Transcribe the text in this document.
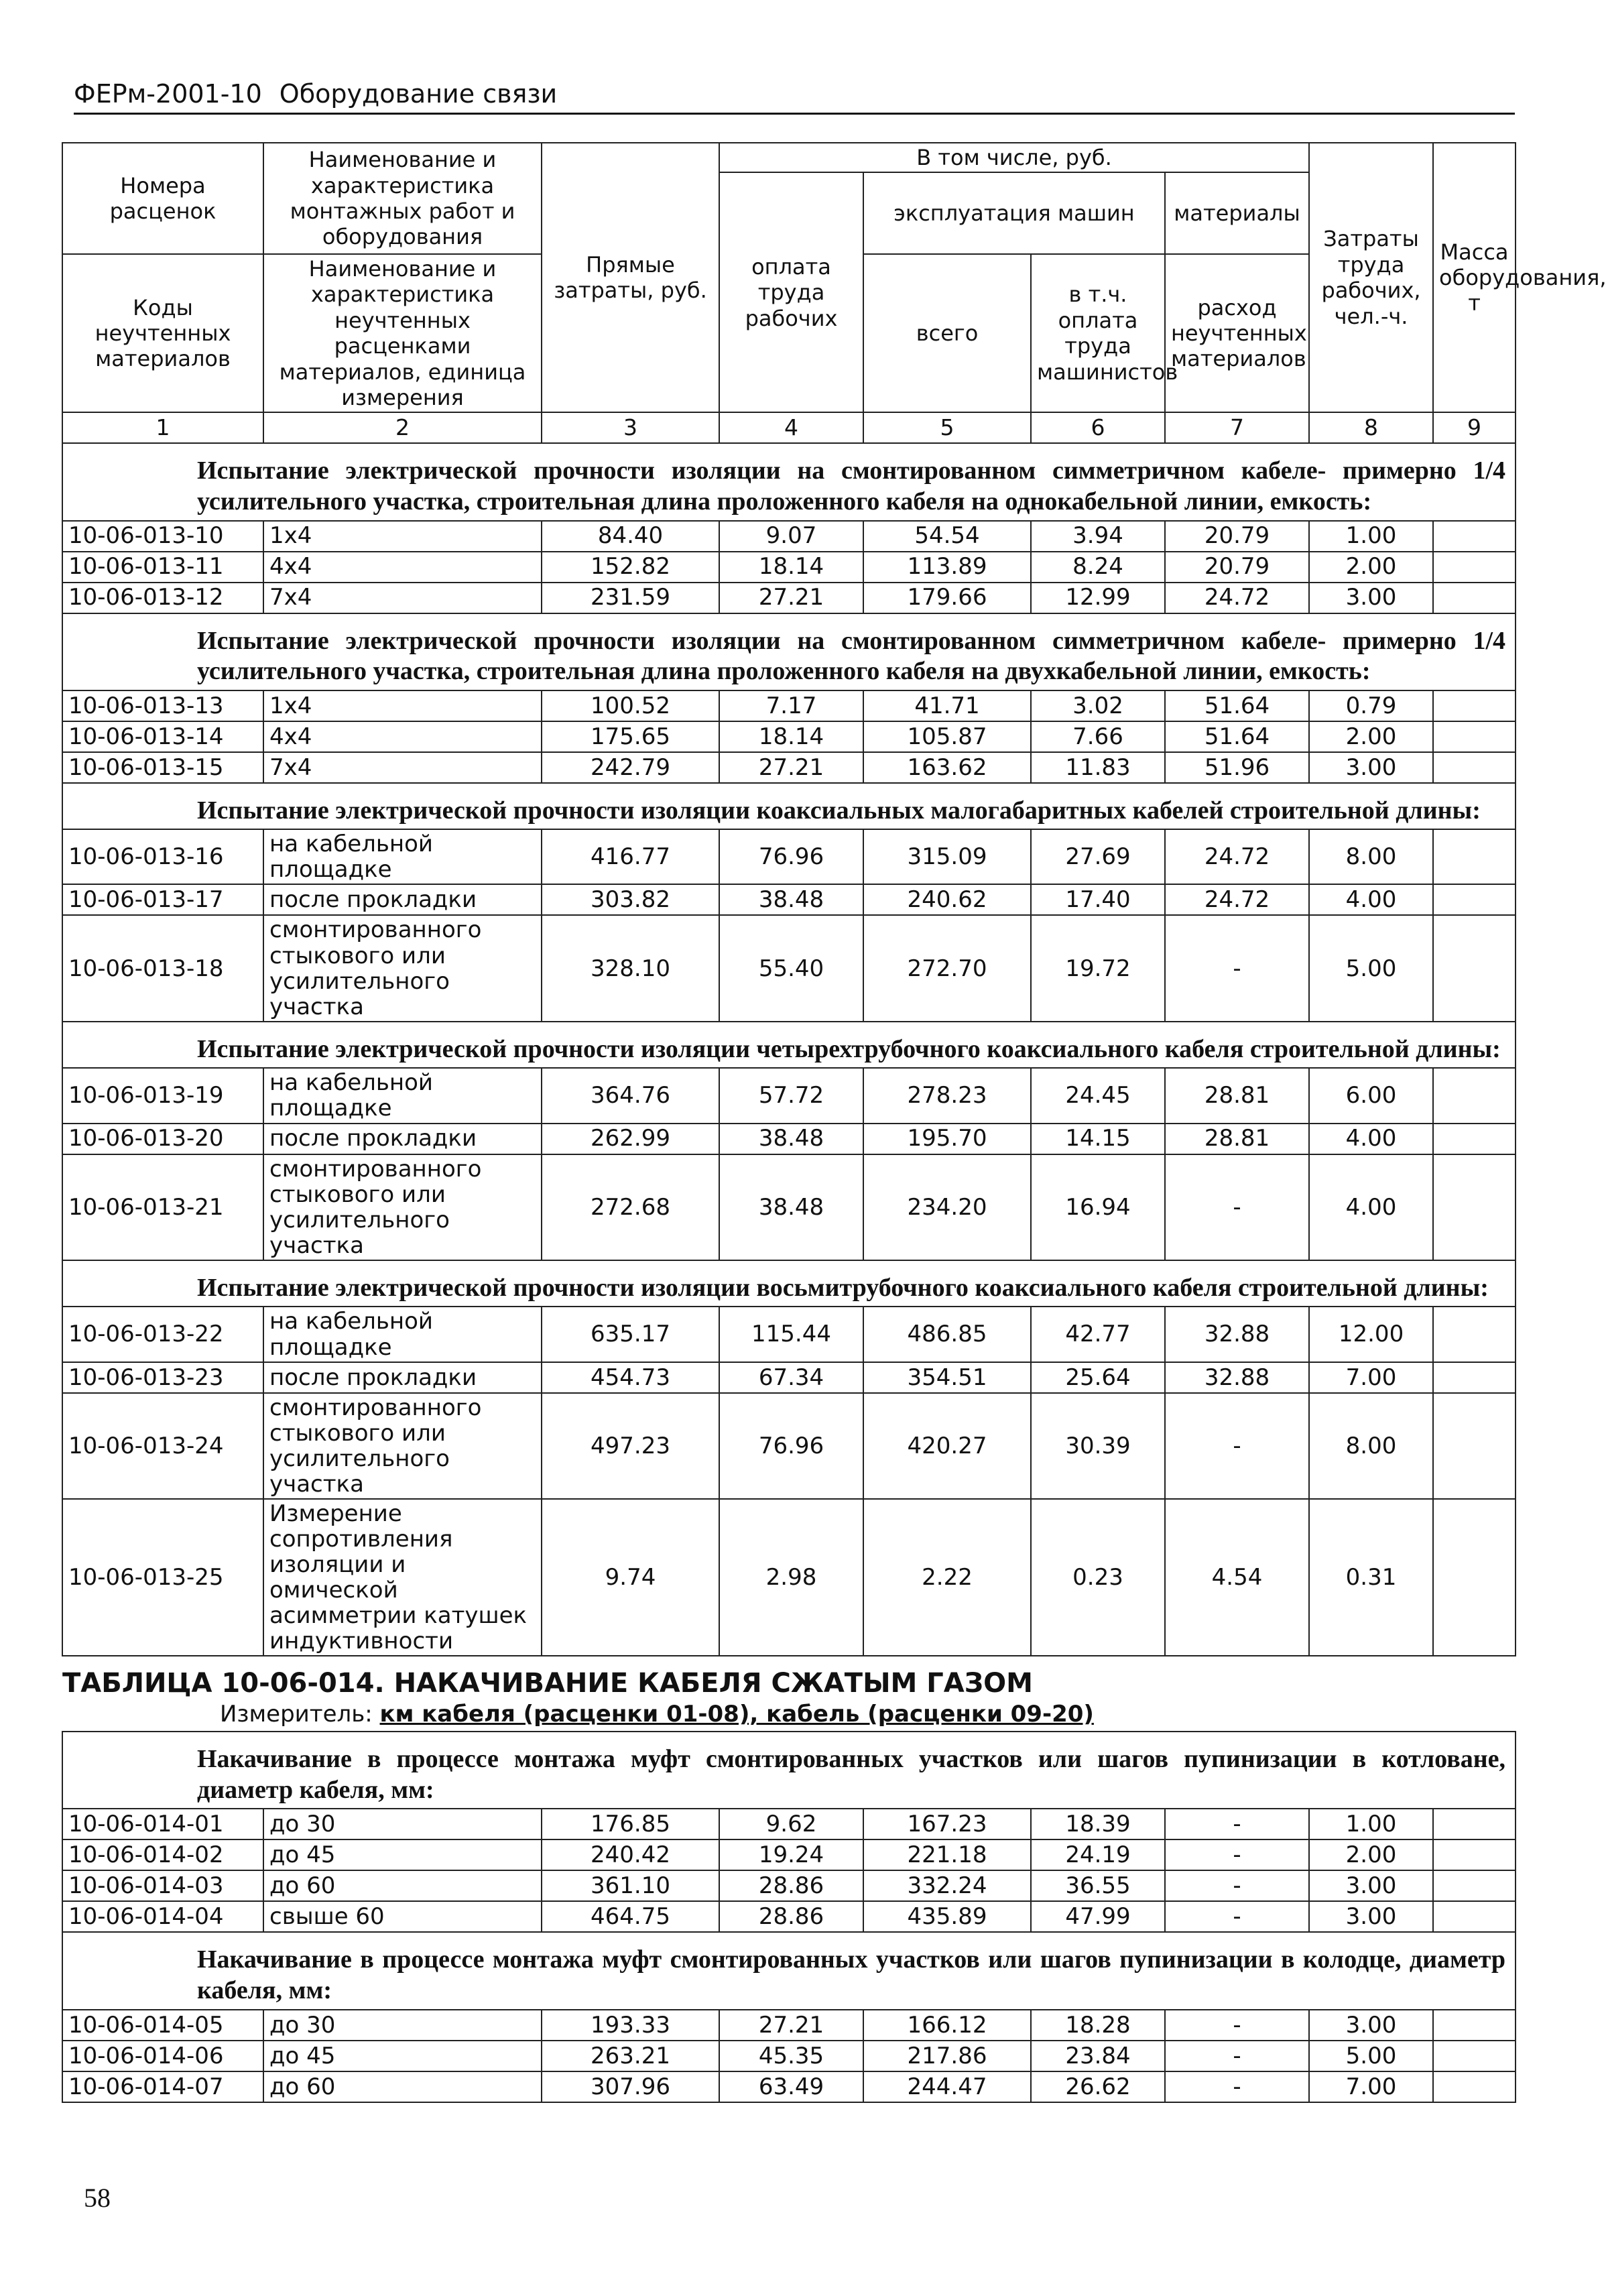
ФЕРм-2001-10 Оборудование связи
Номера расценок	Наименование и характеристика монтажных работ и оборудования	Прямые затраты, руб.	В том числе, руб.				Затраты труда рабочих, чел.-ч.	Масса оборудования, т
			оплата труда рабочих	эксплуатация машин		материалы		
Коды неучтенных материалов	Наименование и характеристика неучтенных расценками материалов, единица измерения			всего	в т.ч. оплата труда машинистов	расход неучтенных материалов		

1	2	3	4	5	6	7	8	9
Испытание электрической прочности изоляции на смонтированном симметричном кабеле- примерно 1/4 усилительного участка, строительная длина проложенного кабеля на однокабельной линии, емкость:								
10-06-013-10	1x4	84.40	9.07	54.54	3.94	20.79	1.00	
10-06-013-11	4x4	152.82	18.14	113.89	8.24	20.79	2.00	
10-06-013-12	7x4	231.59	27.21	179.66	12.99	24.72	3.00	
Испытание электрической прочности изоляции на смонтированном симметричном кабеле- примерно 1/4 усилительного участка, строительная длина проложенного кабеля на двухкабельной линии, емкость:								
10-06-013-13	1x4	100.52	7.17	41.71	3.02	51.64	0.79	
10-06-013-14	4x4	175.65	18.14	105.87	7.66	51.64	2.00	
10-06-013-15	7x4	242.79	27.21	163.62	11.83	51.96	3.00	
Испытание электрической прочности изоляции коаксиальных малогабаритных кабелей строительной длины:								
10-06-013-16	на кабельной площадке	416.77	76.96	315.09	27.69	24.72	8.00	
10-06-013-17	после прокладки	303.82	38.48	240.62	17.40	24.72	4.00	
10-06-013-18	смонтированного стыкового или усилительного участка	328.10	55.40	272.70	19.72	-	5.00	
Испытание электрической прочности изоляции четырехтрубочного коаксиального кабеля строительной длины:								
10-06-013-19	на кабельной площадке	364.76	57.72	278.23	24.45	28.81	6.00	
10-06-013-20	после прокладки	262.99	38.48	195.70	14.15	28.81	4.00	
10-06-013-21	смонтированного стыкового или усилительного участка	272.68	38.48	234.20	16.94	-	4.00	
Испытание электрической прочности изоляции восьмитрубочного коаксиального кабеля строительной длины:								
10-06-013-22	на кабельной площадке	635.17	115.44	486.85	42.77	32.88	12.00	
10-06-013-23	после прокладки	454.73	67.34	354.51	25.64	32.88	7.00	
10-06-013-24	смонтированного стыкового или усилительного участка	497.23	76.96	420.27	30.39	-	8.00	
10-06-013-25	Измерение сопротивления изоляции и омической асимметрии катушек индуктивности	9.74	2.98	2.22	0.23	4.54	0.31	
ТАБЛИЦА 10-06-014. НАКАЧИВАНИЕ КАБЕЛЯ СЖАТЫМ ГАЗОМ								
Измеритель: км кабеля (расценки 01-08), кабель (расценки 09-20)								
Накачивание в процессе монтажа муфт смонтированных участков или шагов пупинизации в котловане, диаметр кабеля, мм:								
10-06-014-01	до 30	176.85	9.62	167.23	18.39	-	1.00	
10-06-014-02	до 45	240.42	19.24	221.18	24.19	-	2.00	
10-06-014-03	до 60	361.10	28.86	332.24	36.55	-	3.00	
10-06-014-04	свыше 60	464.75	28.86	435.89	47.99	-	3.00	
Накачивание в процессе монтажа муфт смонтированных участков или шагов пупинизации в колодце, диаметр кабеля, мм:								
10-06-014-05	до 30	193.33	27.21	166.12	18.28	-	3.00	
10-06-014-06	до 45	263.21	45.35	217.86	23.84	-	5.00	
10-06-014-07	до 60	307.96	63.49	244.47	26.62	-	7.00	
58
